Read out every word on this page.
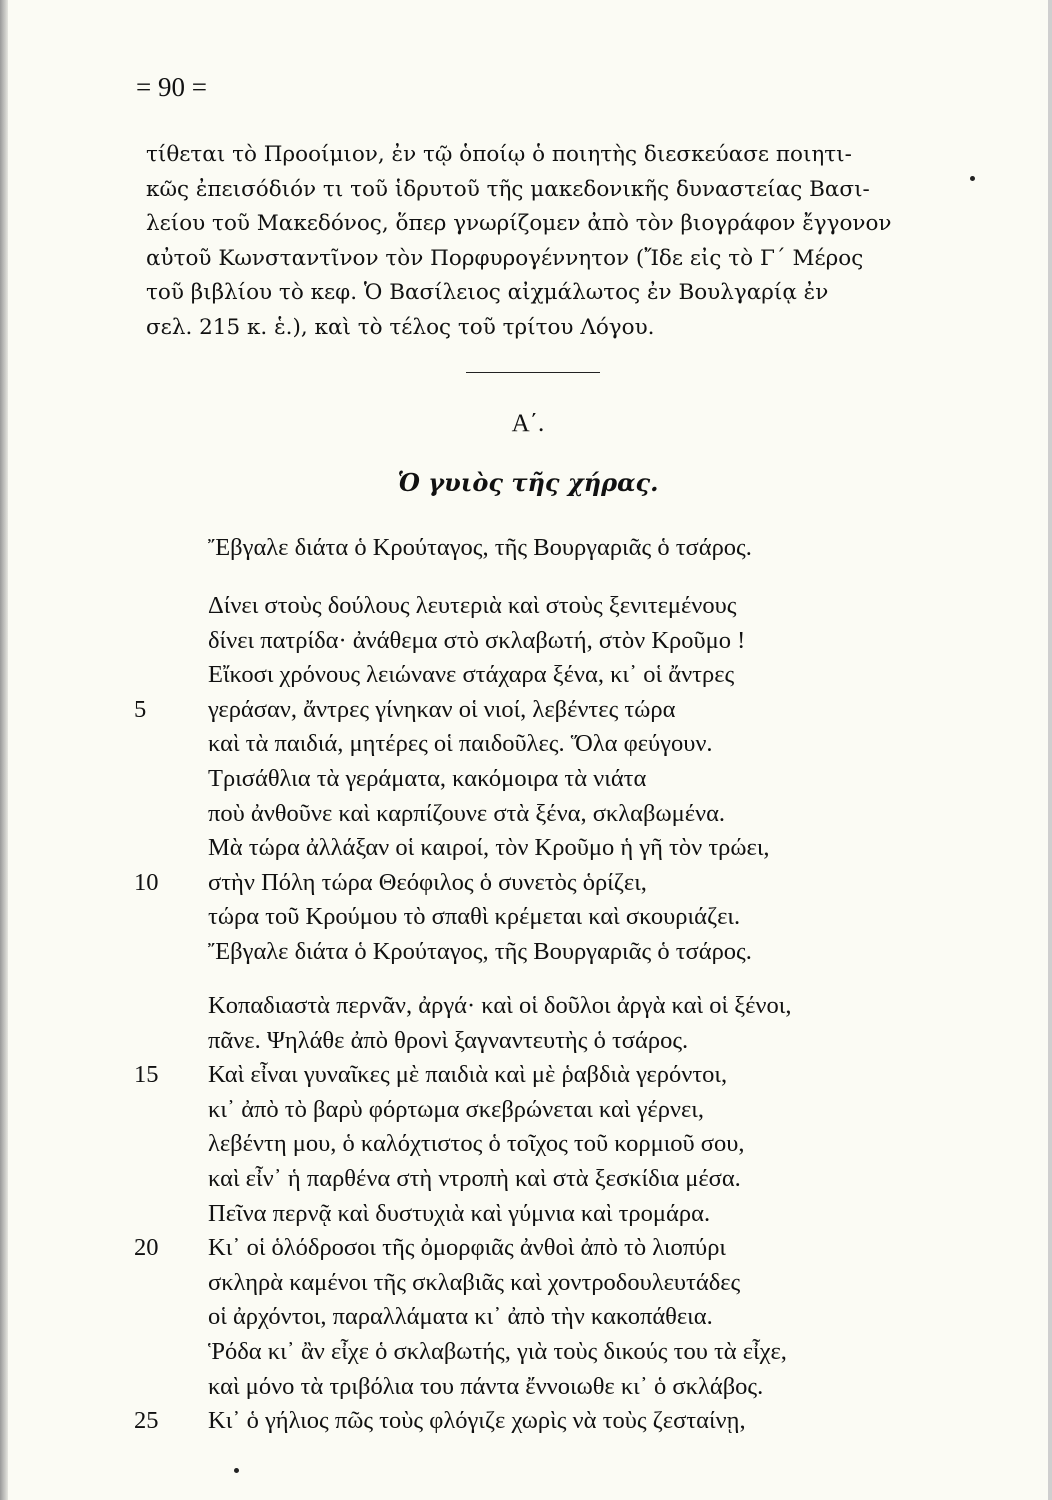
= 90 =

τίθεται τὸ Προοίμιον, ἐν τῷ ὁποίῳ ὁ ποιητὴς διεσκεύασε ποιητι-

κῶς ἐπεισόδιόν τι τοῦ ἱδρυτοῦ τῆς μακεδονικῆς δυναστείας Βασι-

λείου τοῦ Μακεδόνος, ὅπερ γνωρίζομεν ἀπὸ τὸν βιογράφον ἔγγονον

αὐτοῦ Κωνσταντῖνον τὸν Πορφυρογέννητον (Ἴδε εἰς τὸ Γ΄ Μέρος

τοῦ βιβλίου τὸ κεφ. Ὁ Βασίλειος αἰχμάλωτος ἐν Βουλγαρίᾳ ἐν

σελ. 215 κ. ἑ.), καὶ τὸ τέλος τοῦ τρίτου Λόγου.

Α΄.
Ὁ γυιὸς τῆς χήρας.
Ἔβγαλε διάτα ὁ Κρούταγος, τῆς Βουργαριᾶς ὁ τσάρος.
Δίνει στοὺς δούλους λευτεριὰ καὶ στοὺς ξενιτεμένους
δίνει πατρίδα· ἀνάθεμα στὸ σκλαβωτή, στὸν Κροῦμο !
Εἴκοσι χρόνους λειώνανε στάχαρα ξένα, κι᾽ οἱ ἄντρες
5	γεράσαν, ἄντρες γίνηκαν οἱ νιοί, λεβέντες τώρα
καὶ τὰ παιδιά, μητέρες οἱ παιδοῦλες. Ὅλα φεύγουν.
Τρισάθλια τὰ γεράματα, κακόμοιρα τὰ νιάτα
ποὺ ἀνθοῦνε καὶ καρπίζουνε στὰ ξένα, σκλαβωμένα.
Μὰ τώρα ἀλλάξαν οἱ καιροί, τὸν Κροῦμο ἡ γῆ τὸν τρώει,
10	στὴν Πόλη τώρα Θεόφιλος ὁ συνετὸς ὁρίζει,
τώρα τοῦ Κρούμου τὸ σπαθὶ κρέμεται καὶ σκουριάζει.
Ἔβγαλε διάτα ὁ Κρούταγος, τῆς Βουργαριᾶς ὁ τσάρος.
Κοπαδιαστὰ περνᾶν, ἀργά· καὶ οἱ δοῦλοι ἀργὰ καὶ οἱ ξένοι,
πᾶνε. Ψηλάθε ἀπὸ θρονὶ ξαγναντευτὴς ὁ τσάρος.
15	Καὶ εἶναι γυναῖκες μὲ παιδιὰ καὶ μὲ ῥαβδιὰ γερόντοι,
κι᾽ ἀπὸ τὸ βαρὺ φόρτωμα σκεβρώνεται καὶ γέρνει,
λεβέντη μου, ὁ καλόχτιστος ὁ τοῖχος τοῦ κορμιοῦ σου,
καὶ εἶν᾽ ἡ παρθένα στὴ ντροπὴ καὶ στὰ ξεσκίδια μέσα.
Πεῖνα περνᾷ καὶ δυστυχιὰ καὶ γύμνια καὶ τρομάρα.
20	Κι᾽ οἱ ὁλόδροσοι τῆς ὀμορφιᾶς ἀνθοὶ ἀπὸ τὸ λιοπύρι
σκληρὰ καμένοι τῆς σκλαβιᾶς καὶ χοντροδουλευτάδες
οἱ ἀρχόντοι, παραλλάματα κι᾽ ἀπὸ τὴν κακοπάθεια.
Ῥόδα κι᾽ ἂν εἶχε ὁ σκλαβωτής, γιὰ τοὺς δικούς του τὰ εἶχε,
καὶ μόνο τὰ τριβόλια του πάντα ἔννοιωθε κι᾽ ὁ σκλάβος.
25	Κι᾽ ὁ γήλιος πῶς τοὺς φλόγιζε χωρὶς νὰ τοὺς ζεσταίνῃ,
